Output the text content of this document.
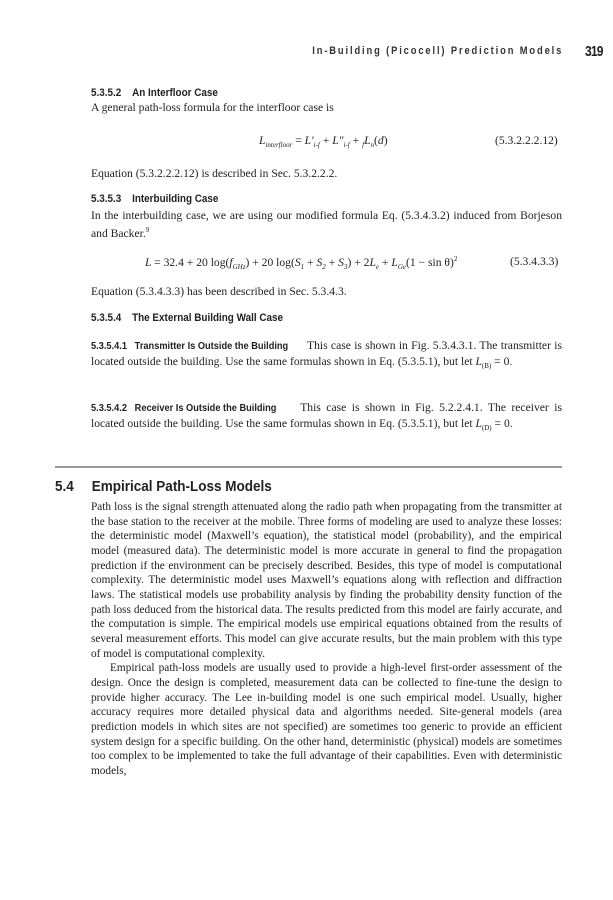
In-Building (Picocell) Prediction Models 319
5.3.5.2 An Interfloor Case
A general path-loss formula for the interfloor case is
$L_{interfloor} = L'_{i-f} + L''_{i-f} + _fL_n(d)$	(5.3.2.2.2.12)
Equation (5.3.2.2.2.12) is described in Sec. 5.3.2.2.2.
5.3.5.3 Interbuilding Case
In the interbuilding case, we are using our modified formula Eq. (5.3.4.3.2) induced from Borjeson and Backer.$^9$
L = 32.4 + 20 $\log(f_{GHz}) + 20$ $\log(S_1 + S_2 + S_3) + 2L_e + L_{Ge}(1 - \sin \theta)^2$	(5.3.4.3.3)
Equation (5.3.4.3.3) has been described in Sec. 5.3.4.3.
5.3.5.4 The External Building Wall Case
5.3.5.4.1 Transmitter Is Outside the Building This case is shown in Fig. 5.3.4.3.1. The transmitter is located outside the building. Use the same formulas shown in Eq. (5.3.5.1), but let $L_{(B)} = 0$.
5.3.5.4.2 Receiver Is Outside the Building This case is shown in Fig. 5.2.2.4.1. The receiver is located outside the building. Use the same formulas shown in Eq. (5.3.5.1), but let $L_{(D)} = 0$.
5.4 Empirical Path-Loss Models

Path loss is the signal strength attenuated along the radio path when propagating from the transmitter at the base station to the receiver at the mobile. Three forms of modeling are used to analyze these losses: the deterministic model (Maxwell’s equation), the statistical model (probability), and the empirical model (measured data). The deterministic model is more accurate in general to find the propagation prediction if the environment can be precisely described. Besides, this type of model is computational complexity. The deterministic model uses Maxwell’s equations along with reflection and diffraction laws. The statistical models use probability analysis by finding the probability density function of the path loss deduced from the historical data. The results predicted from this model are fairly accurate, and the computation is simple. The empirical models use empirical equations obtained from the results of several measurement efforts. This model can give accurate results, but the main problem with this type of model is computational complexity.

Empirical path-loss models are usually used to provide a high-level first-order assessment of the design. Once the design is completed, measurement data can be collected to fine-tune the design to provide higher accuracy. The Lee in-building model is one such empirical model. Usually, higher accuracy requires more detailed physical data and algorithms needed. Site-general models (area prediction models in which sites are not specified) are sometimes too generic to provide an efficient system design for a specific building. On the other hand, deterministic (physical) models are sometimes too complex to be implemented to take the full advantage of their capabilities. Even with deterministic models,
